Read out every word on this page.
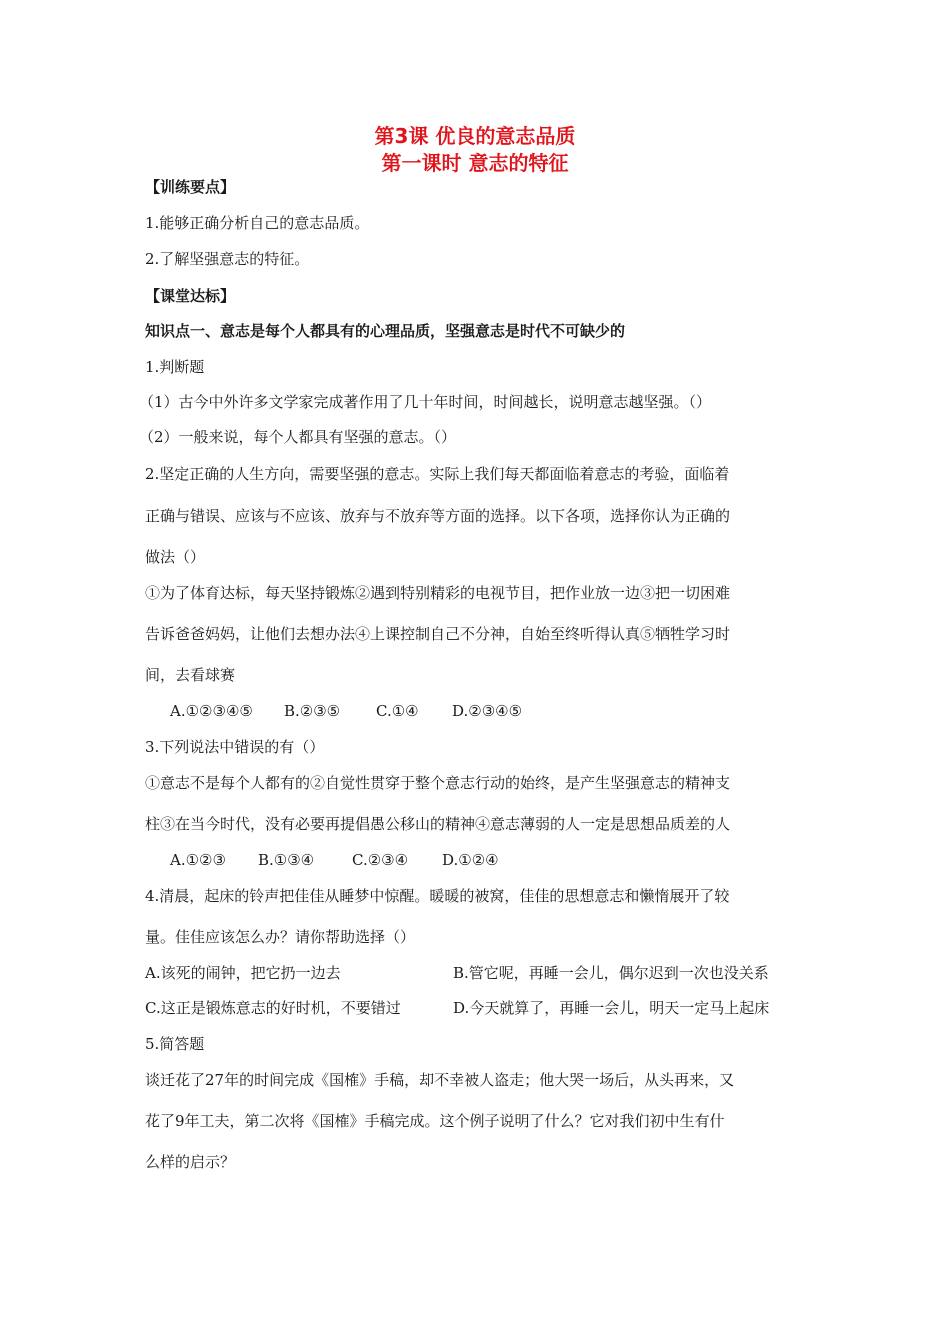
第3课 优良的意志品质
第一课时 意志的特征
【训练要点】
1.能够正确分析自己的意志品质。
2.了解坚强意志的特征。
【课堂达标】
知识点一、意志是每个人都具有的心理品质，坚强意志是时代不可缺少的
1.判断题
（1）古今中外许多文学家完成著作用了几十年时间，时间越长，说明意志越坚强。（）
（2）一般来说，每个人都具有坚强的意志。（）
2.坚定正确的人生方向，需要坚强的意志。实际上我们每天都面临着意志的考验，面临着
正确与错误、应该与不应该、放弃与不放弃等方面的选择。以下各项，选择你认为正确的
做法（）
①为了体育达标，每天坚持锻炼②遇到特别精彩的电视节目，把作业放一边③把一切困难
告诉爸爸妈妈，让他们去想办法④上课控制自己不分神，自始至终听得认真⑤牺牲学习时
间，去看球赛
A.①②③④⑤ B.②③⑤ C.①④ D.②③④⑤
3.下列说法中错误的有（）
①意志不是每个人都有的②自觉性贯穿于整个意志行动的始终，是产生坚强意志的精神支
柱③在当今时代，没有必要再提倡愚公移山的精神④意志薄弱的人一定是思想品质差的人
A.①②③ B.①③④	C.②③④ D.①②④
4.清晨，起床的铃声把佳佳从睡梦中惊醒。暖暖的被窝，佳佳的思想意志和懒惰展开了较
量。佳佳应该怎么办？请你帮助选择（）
A.该死的闹钟，把它扔一边去	B.管它呢，再睡一会儿，偶尔迟到一次也没关系
C.这正是锻炼意志的好时机，不要错过	D.今天就算了，再睡一会儿，明天一定马上起床
5.简答题
谈迁花了27年的时间完成《国榷》手稿，却不幸被人盗走；他大哭一场后，从头再来，又
花了9年工夫，第二次将《国榷》手稿完成。这个例子说明了什么？它对我们初中生有什
么样的启示？
